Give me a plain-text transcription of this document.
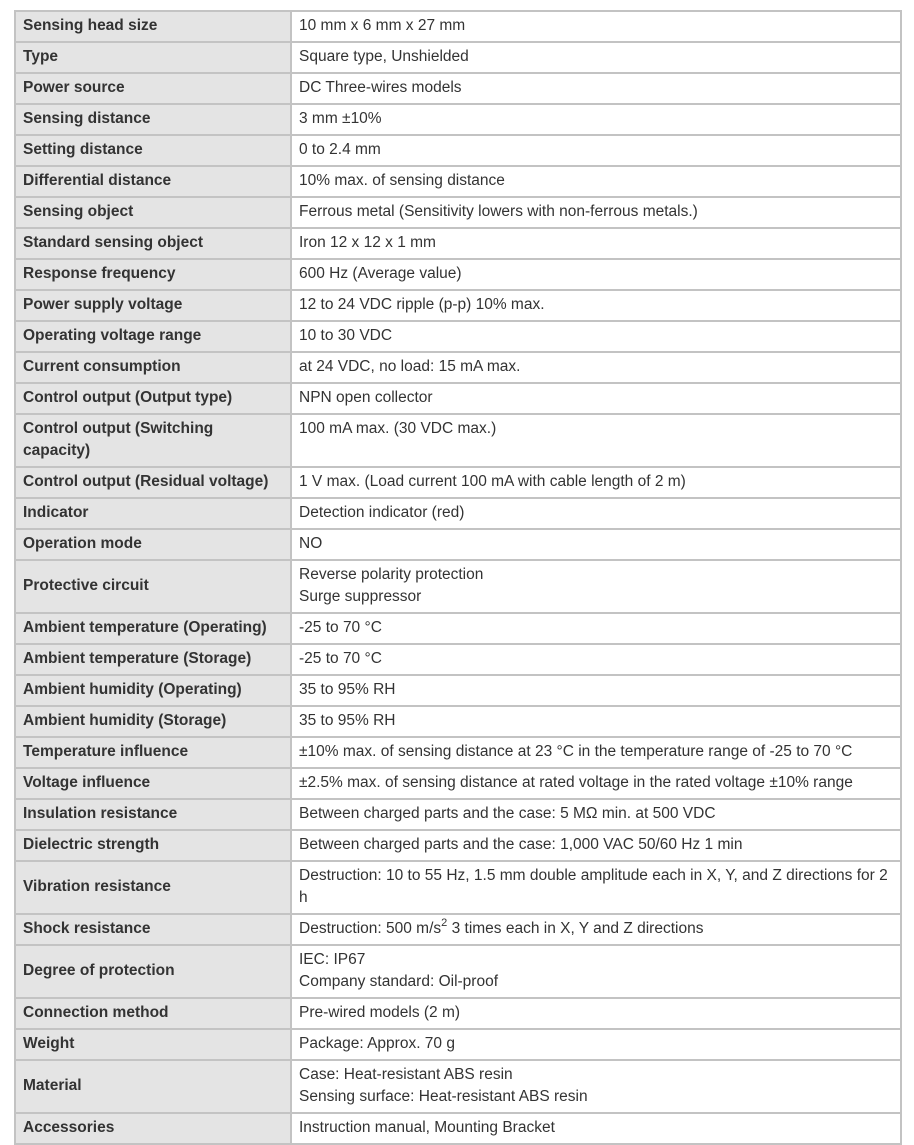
Sensing head size	10 mm x 6 mm x 27 mm

Type	Square type, Unshielded

Power source	DC Three-wires models

Sensing distance	3 mm ±10%

Setting distance	0 to 2.4 mm

Differential distance	10% max. of sensing distance

Sensing object	Ferrous metal (Sensitivity lowers with non-ferrous metals.)

Standard sensing object	Iron 12 x 12 x 1 mm

Response frequency	600 Hz (Average value)

Power supply voltage	12 to 24 VDC ripple (p-p) 10% max.

Operating voltage range	10 to 30 VDC

Current consumption	at 24 VDC, no load: 15 mA max.

Control output (Output type)	NPN open collector

Control output (Switching capacity)	100 mA max. (30 VDC max.)

Control output (Residual voltage)	1 V max. (Load current 100 mA with cable length of 2 m)

Indicator	Detection indicator (red)

Operation mode	NO

Protective circuit	Reverse polarity protection
Surge suppressor

Ambient temperature (Operating)	-25 to 70 °C

Ambient temperature (Storage)	-25 to 70 °C

Ambient humidity (Operating)	35 to 95% RH

Ambient humidity (Storage)	35 to 95% RH

Temperature influence	±10% max. of sensing distance at 23 °C in the temperature range of -25 to 70 °C

Voltage influence	±2.5% max. of sensing distance at rated voltage in the rated voltage ±10% range

Insulation resistance	Between charged parts and the case: 5 MΩ min. at 500 VDC

Dielectric strength	Between charged parts and the case: 1,000 VAC 50/60 Hz 1 min

Vibration resistance	Destruction: 10 to 55 Hz, 1.5 mm double amplitude each in X, Y, and Z directions for 2 h

Shock resistance	Destruction: 500 $m/s^2$ 3 times each in X, Y and Z directions
Degree of protection	IEC: IP67
Company standard: Oil-proof

Connection method	Pre-wired models (2 m)

Weight	Package: Approx. 70 g

Material	Case: Heat-resistant ABS resin
Sensing surface: Heat-resistant ABS resin

Accessories	Instruction manual, Mounting Bracket
